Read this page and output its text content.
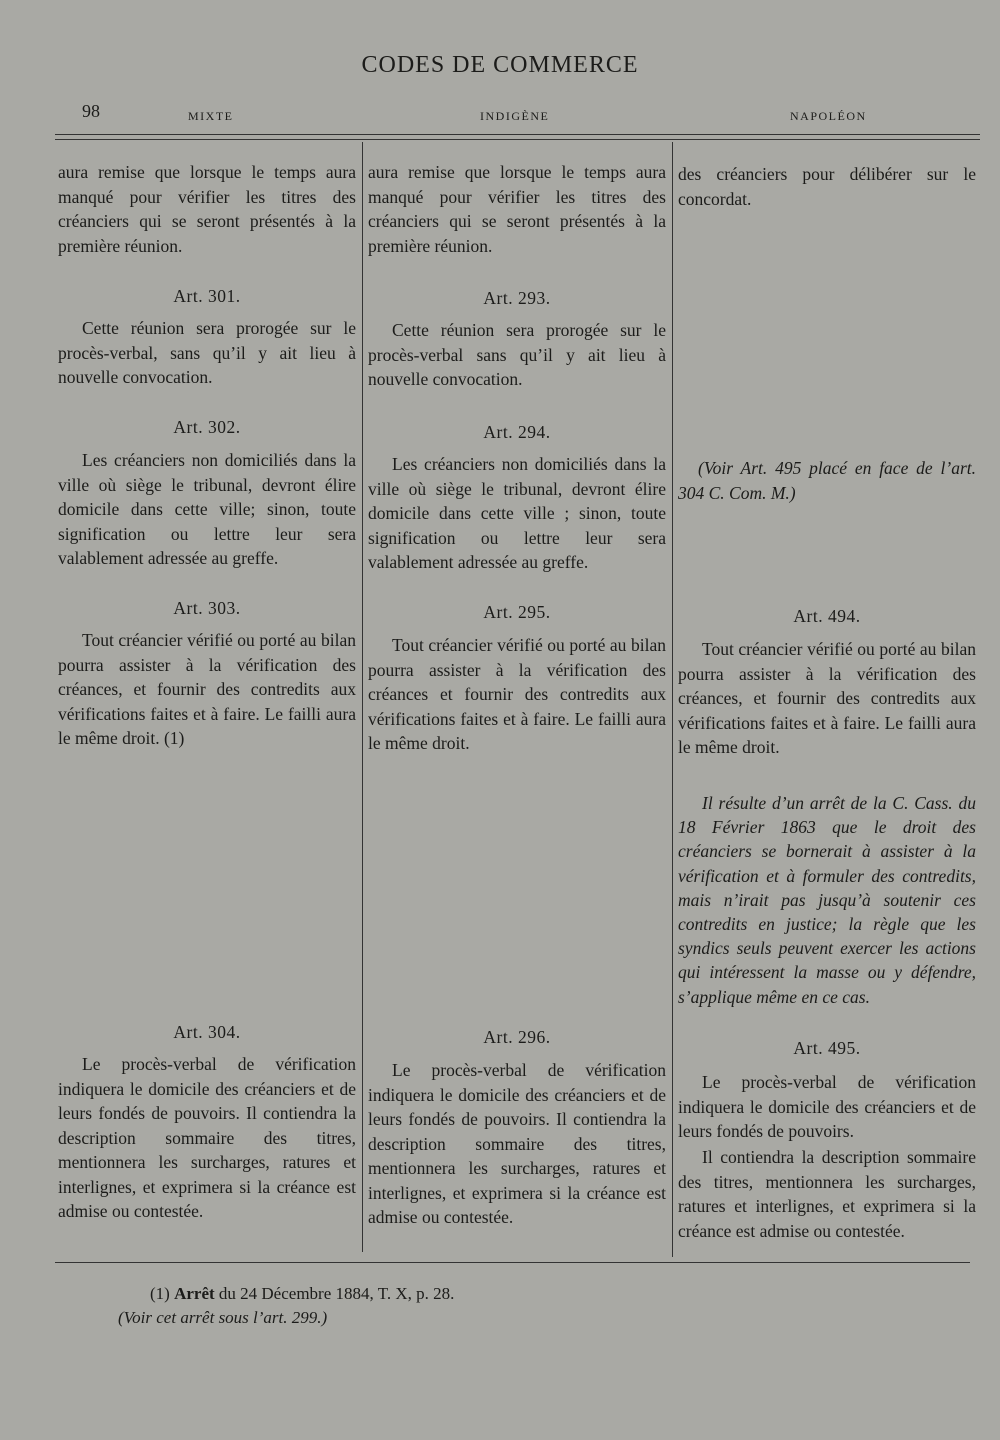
CODES DE COMMERCE
98	MIXTE	INDIGÈNE	NAPOLÉON
aura remise que lorsque le temps aura manqué pour vérifier les titres des créanciers qui se seront présentés à la première réunion.
Art. 301.
Cette réunion sera prorogée sur le procès-verbal, sans qu’il y ait lieu à nouvelle convocation.
Art. 302.
Les créanciers non domiciliés dans la ville où siège le tribunal, devront élire domicile dans cette ville; sinon, toute signification ou lettre leur sera valablement adressée au greffe.
Art. 303.
Tout créancier vérifié ou porté au bilan pourra assister à la vérification des créances, et fournir des contredits aux vérifications faites et à faire. Le failli aura le même droit. (1)
Art. 304.
Le procès-verbal de vérification indiquera le domicile des créanciers et de leurs fondés de pouvoirs. Il contiendra la description sommaire des titres, mentionnera les surcharges, ratures et interlignes, et exprimera si la créance est admise ou contestée.
aura remise que lorsque le temps aura manqué pour vérifier les titres des créanciers qui se seront présentés à la première réunion.
Art. 293.
Cette réunion sera prorogée sur le procès-verbal sans qu’il y ait lieu à nouvelle convocation.
Art. 294.
Les créanciers non domiciliés dans la ville où siège le tribunal, devront élire domicile dans cette ville ; sinon, toute signification ou lettre leur sera valablement adressée au greffe.
Art. 295.
Tout créancier vérifié ou porté au bilan pourra assister à la vérification des créances et fournir des contredits aux vérifications faites et à faire. Le failli aura le même droit.
Art. 296.
Le procès-verbal de vérification indiquera le domicile des créanciers et de leurs fondés de pouvoirs. Il contiendra la description sommaire des titres, mentionnera les surcharges, ratures et interlignes, et exprimera si la créance est admise ou contestée.
des créanciers pour délibérer sur le concordat.
(Voir Art. 495 placé en face de l’art. 304 C. Com. M.)
Art. 494.
Tout créancier vérifié ou porté au bilan pourra assister à la vérification des créances, et fournir des contredits aux vérifications faites et à faire. Le failli aura le même droit.
Il résulte d’un arrêt de la C. Cass. du 18 Février 1863 que le droit des créanciers se bornerait à assister à la vérification et à formuler des contredits, mais n’irait pas jusqu’à soutenir ces contredits en justice; la règle que les syndics seuls peuvent exercer les actions qui intéressent la masse ou y défendre, s’applique même en ce cas.
Art. 495.
Le procès-verbal de vérification indiquera le domicile des créanciers et de leurs fondés de pouvoirs.
Il contiendra la description sommaire des titres, mentionnera les surcharges, ratures et interlignes, et exprimera si la créance est admise ou contestée.
(1) Arrêt du 24 Décembre 1884, T. X, p. 28.
(Voir cet arrêt sous l’art. 299.)
